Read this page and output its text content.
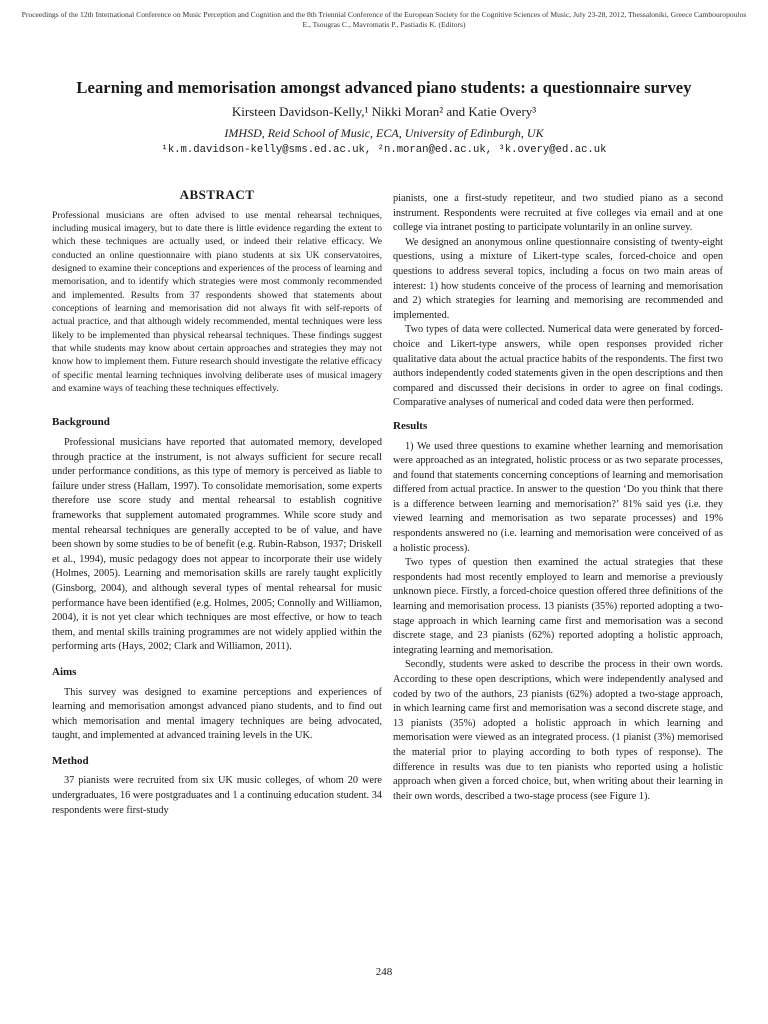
Proceedings of the 12th International Conference on Music Perception and Cognition and the 8th Triennial Conference of the European Society for the Cognitive Sciences of Music, July 23-28, 2012, Thessaloniki, Greece Cambouropoulos E., Tsougras C., Mavromatis P., Pastiadis K. (Editors)
Learning and memorisation amongst advanced piano students: a questionnaire survey

Kirsteen Davidson-Kelly,¹ Nikki Moran² and Katie Overy³

IMHSD, Reid School of Music, ECA, University of Edinburgh, UK

¹k.m.davidson-kelly@sms.ed.ac.uk, ²n.moran@ed.ac.uk, ³k.overy@ed.ac.uk

ABSTRACT

Professional musicians are often advised to use mental rehearsal techniques, including musical imagery, but to date there is little evidence regarding the extent to which these techniques are actually used, or indeed their relative efficacy. We conducted an online questionnaire with piano students at six UK conservatoires, designed to examine their conceptions and experiences of the process of learning and memorisation, and to identify which strategies were most commonly recommended and implemented. Results from 37 respondents showed that statements about conceptions of learning and memorisation did not always fit with self-reports of actual practice, and that although widely recommended, mental techniques were less likely to be implemented than physical rehearsal techniques. These findings suggest that while students may know about certain approaches and strategies they may not know how to implement them. Future research should investigate the relative efficacy of specific mental learning techniques involving deliberate uses of musical imagery and examine ways of teaching these techniques effectively.

Background

Professional musicians have reported that automated memory, developed through practice at the instrument, is not always sufficient for secure recall under performance conditions, as this type of memory is perceived as liable to failure under stress (Hallam, 1997). To consolidate memorisation, some experts therefore use score study and mental rehearsal to establish cognitive frameworks that supplement automated programmes. While score study and mental rehearsal techniques are generally accepted to be of value, and have been shown by some studies to be of benefit (e.g. Rubin-Rabson, 1937; Driskell et al., 1994), music pedagogy does not appear to incorporate their use widely (Holmes, 2005). Learning and memorisation skills are rarely taught explicitly (Ginsborg, 2004), and although several types of mental rehearsal for music performance have been identified (e.g. Holmes, 2005; Connolly and Williamon, 2004), it is not yet clear which techniques are most effective, or how to teach them, and mental skills training programmes are not widely applied within the performing arts (Hays, 2002; Clark and Williamon, 2011).

Aims

This survey was designed to examine perceptions and experiences of learning and memorisation amongst advanced piano students, and to find out which memorisation and mental imagery techniques are being advocated, taught, and implemented at advanced training levels in the UK.

Method

37 pianists were recruited from six UK music colleges, of whom 20 were undergraduates, 16 were postgraduates and 1 a continuing education student. 34 respondents were first-study

pianists, one a first-study repetiteur, and two studied piano as a second instrument. Respondents were recruited at five colleges via email and at one college via intranet posting to participate voluntarily in an online survey.

We designed an anonymous online questionnaire consisting of twenty-eight questions, using a mixture of Likert-type scales, forced-choice and open questions to address several topics, including a focus on two main areas of interest: 1) how students conceive of the process of learning and memorisation and 2) which strategies for learning and memorising are recommended and implemented.

Two types of data were collected. Numerical data were generated by forced-choice and Likert-type answers, while open responses provided richer qualitative data about the actual practice habits of the respondents. The first two authors independently coded statements given in the open descriptions and then compared and discussed their decisions in order to agree on final codings. Comparative analyses of numerical and coded data were then performed.

Results

1) We used three questions to examine whether learning and memorisation were approached as an integrated, holistic process or as two separate processes, and found that statements concerning conceptions of learning and memorisation differed from actual practice. In answer to the question ‘Do you think that there is a difference between learning and memorisation?’ 81% said yes (i.e. they viewed learning and memorisation as two separate processes) and 19% respondents answered no (i.e. learning and memorisation were conceived of as a holistic process).

Two types of question then examined the actual strategies that these respondents had most recently employed to learn and memorise a previously unknown piece. Firstly, a forced-choice question offered three definitions of the learning and memorisation process. 13 pianists (35%) reported adopting a two-stage approach in which learning came first and memorisation was a second discrete stage, and 23 pianists (62%) reported adopting a holistic approach, integrating learning and memorisation.

Secondly, students were asked to describe the process in their own words. According to these open descriptions, which were independently analysed and coded by two of the authors, 23 pianists (62%) adopted a two-stage approach, in which learning came first and memorisation was a second discrete stage, and 13 pianists (35%) adopted a holistic approach in which learning and memorisation were viewed as an integrated process. (1 pianist (3%) memorised the material prior to playing according to both types of response). The difference in results was due to ten pianists who reported using a holistic approach when given a forced choice, but, when writing about their learning in their own words, described a two-stage process (see Figure 1).

248
